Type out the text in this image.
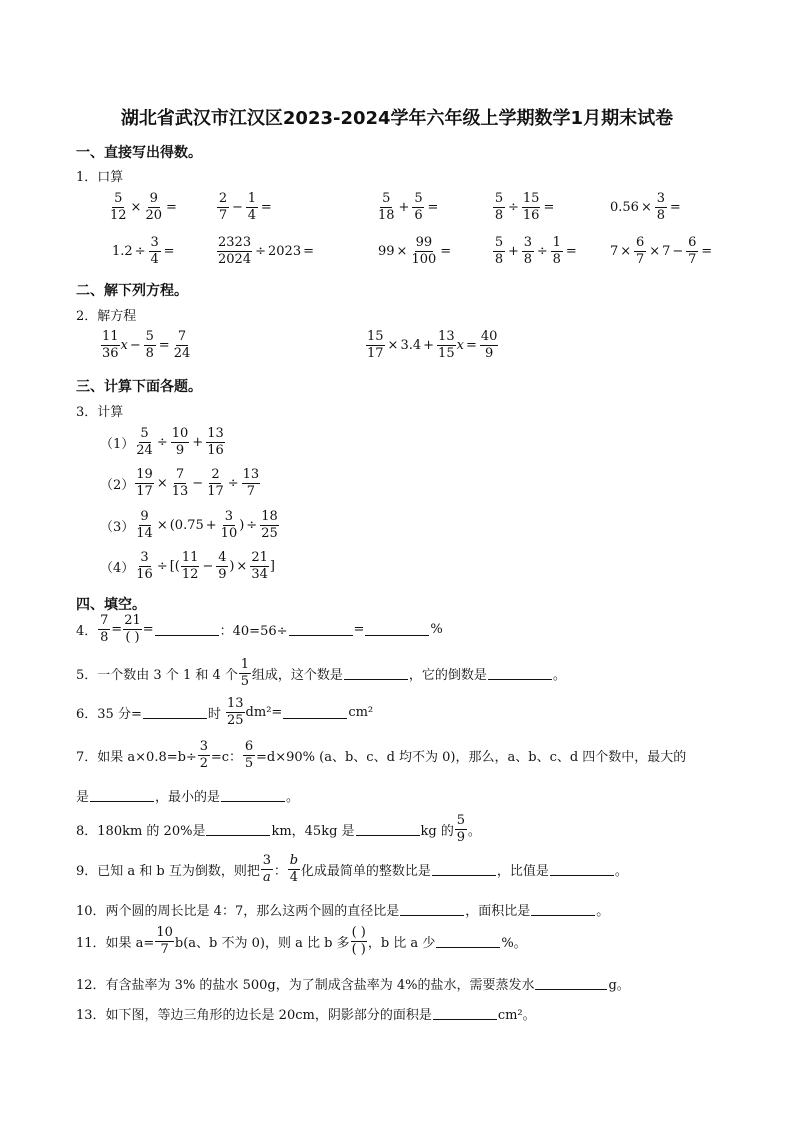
湖北省武汉市江汉区2023-2024学年六年级上学期数学1月期末试卷
一、直接写出得数。
1．口算
$\frac{5}{12} \times \frac{9}{20}$ =	$\frac{2}{7} - \frac{1}{4}$ =	$\frac{5}{18} + \frac{5}{6}$ =	$\frac{5}{8} \div \frac{15}{16}$ =	$0.56 \times \frac{3}{8}$ =
$1.2 \div \frac{3}{4}$ =	$\frac{2323}{2024} \div 2023$ =	$99 \times \frac{99}{100}$ =	$\frac{5}{8} + \frac{3}{8} \div \frac{1}{8}$ =	$7 \times \frac{6}{7} \times 7 - \frac{6}{7}$ =
二、解下列方程。
2．解方程
$\frac{11}{36}$ $x - \frac{5}{8} = \frac{7}{24}$	$\frac{15}{17} \times 3.4 + \frac{13}{15}$ $x = \frac{40}{9}$
三、计算下面各题。
3．计算
$(1) \frac{5}{24} \div \frac{10}{9} + \frac{13}{16}$
$(2) \frac{19}{17} \times \frac{7}{13} - \frac{2}{17} \div \frac{13}{7}$
$(3) \frac{9}{14} \times (0.75 + \frac{3}{10}$ ) ÷ $\frac{18}{25}$
$(4) \frac{3}{16}$ ÷ [( $\frac{11}{12} - \frac{4}{9}$ ) × $\frac{21}{34}$ ]
四、填空。
4． $\frac{7}{8} = \frac{21}{( )}$ =	：40=56÷	=	%
5．一个数由 3 个 1 和 4 个 $\frac{1}{5}$ 组成，这个数是	，它的倒数是	。
6．35 分=	时
$\frac{13}{25} dm^2=$	cm²
7．如果 $a\times 0.8=b\div \frac{3}{2} =c$： $\frac{6}{5} =d\times 90\%$ (a、b、c、d 均不为 0)，那么，a、b、c、d 四个数中，最大的
是	，最小的是	。
8．180km 的 20%是	km，45kg 是	kg 的 $\frac{5}{9}$ 。
9．已知 a 和 b 互为倒数，则把 $\frac{3}{a}$ ： $\frac{b}{4}$ 化成最简单的整数比是	，比值是	。
10．两个圆的周长比是 4：7，那么这两个圆的直径比是	，面积比是	。
11．如果 $a= \frac{10}{7} b(a$、b 不为 0)，则 a 比 b 多 $\frac{( )}{( )}$ ，b 比 a 少	%。
12．有含盐率为 3% 的盐水 500g，为了制成含盐率为 4%的盐水，需要蒸发水	g。
13．如下图，等边三角形的边长是 20cm，阴影部分的面积是	cm²。
